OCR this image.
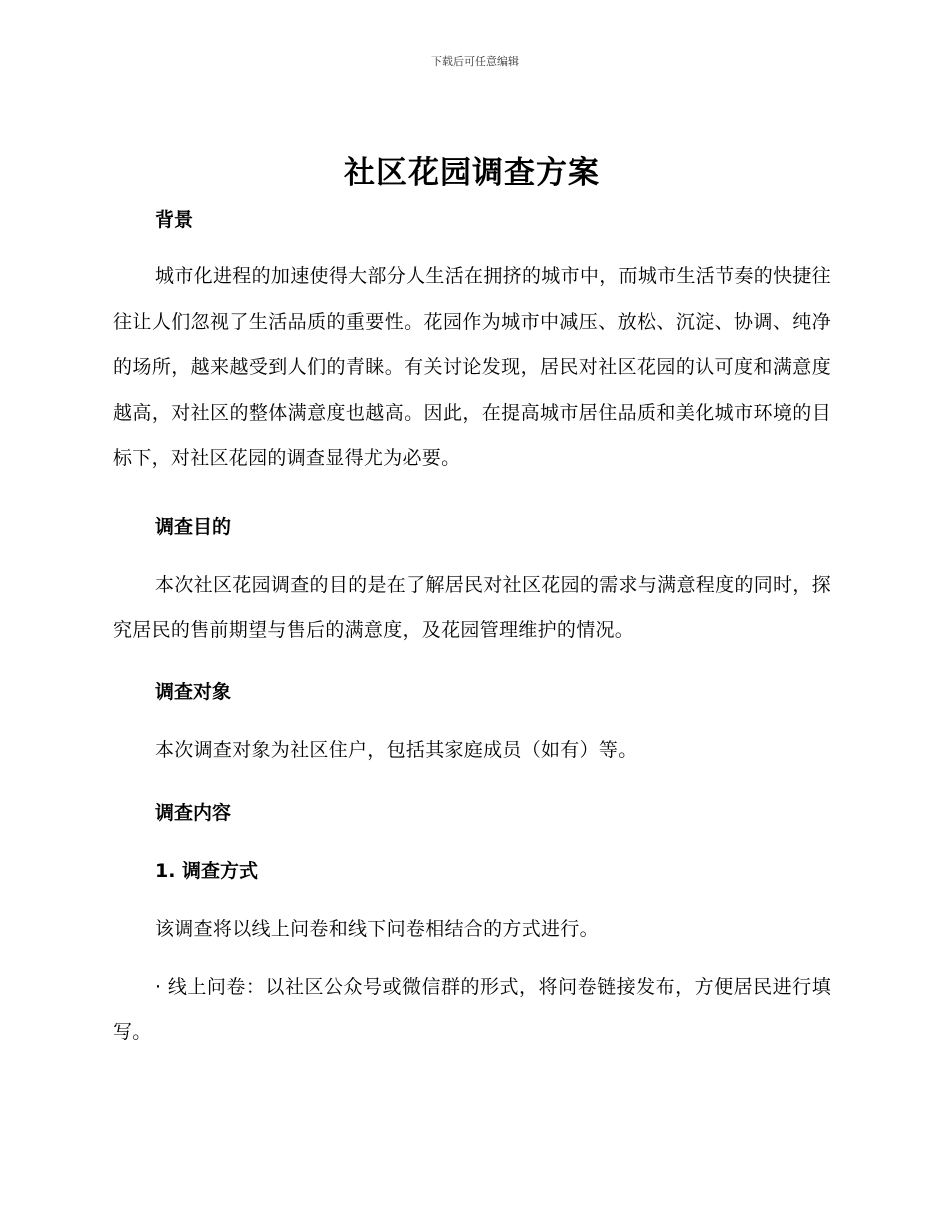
下载后可任意编辑
社区花园调查方案
背景

城市化进程的加速使得大部分人生活在拥挤的城市中，而城市生活节奏的快捷往往让人们忽视了生活品质的重要性。花园作为城市中减压、放松、沉淀、协调、纯净的场所，越来越受到人们的青睐。有关讨论发现，居民对社区花园的认可度和满意度越高，对社区的整体满意度也越高。因此，在提高城市居住品质和美化城市环境的目标下，对社区花园的调查显得尤为必要。

调查目的

本次社区花园调查的目的是在了解居民对社区花园的需求与满意程度的同时，探究居民的售前期望与售后的满意度，及花园管理维护的情况。

调查对象

本次调查对象为社区住户，包括其家庭成员（如有）等。

调查内容
1. 调查方式

该调查将以线上问卷和线下问卷相结合的方式进行。

· 线上问卷：以社区公众号或微信群的形式，将问卷链接发布，方便居民进行填写。
